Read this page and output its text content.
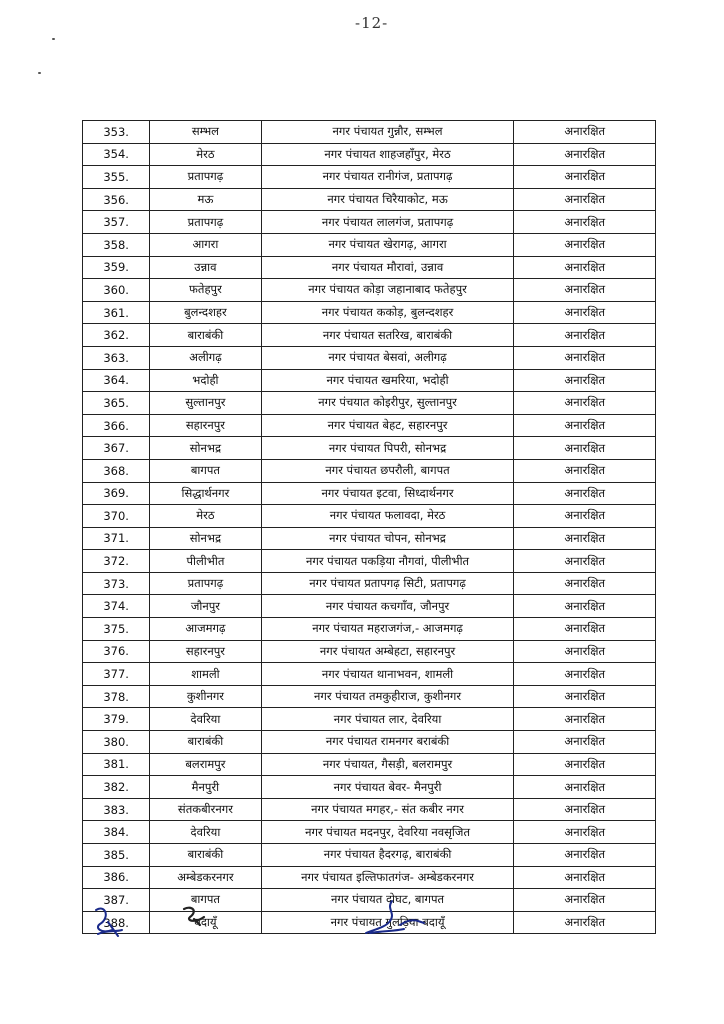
-12-
353.	सम्भल	नगर पंचायत गुन्नौर, सम्भल	अनारक्षित
354.	मेरठ	नगर पंचायत शाहजहाँपुर, मेरठ	अनारक्षित
355.	प्रतापगढ़	नगर पंचायत रानीगंज, प्रतापगढ़	अनारक्षित
356.	मऊ	नगर पंचायत चिरैयाकोट, मऊ	अनारक्षित
357.	प्रतापगढ़	नगर पंचायत लालगंज, प्रतापगढ़	अनारक्षित
358.	आगरा	नगर पंचायत खेरागढ़, आगरा	अनारक्षित
359.	उन्नाव	नगर पंचायत मौरावां, उन्नाव	अनारक्षित
360.	फतेहपुर	नगर पंचायत कोड़ा जहानाबाद फतेहपुर	अनारक्षित
361.	बुलन्दशहर	नगर पंचायत ककोड़, बुलन्दशहर	अनारक्षित
362.	बाराबंकी	नगर पंचायत सतरिख, बाराबंकी	अनारक्षित
363.	अलीगढ़	नगर पंचायत बेसवां, अलीगढ़	अनारक्षित
364.	भदोही	नगर पंचायत खमरिया, भदोही	अनारक्षित
365.	सुल्तानपुर	नगर पंचयात कोइरीपुर, सुल्तानपुर	अनारक्षित
366.	सहारनपुर	नगर पंचायत बेहट, सहारनपुर	अनारक्षित
367.	सोनभद्र	नगर पंचायत पिपरी, सोनभद्र	अनारक्षित
368.	बागपत	नगर पंचायत छपरौली, बागपत	अनारक्षित
369.	सिद्धार्थनगर	नगर पंचायत इटवा, सिध्दार्थनगर	अनारक्षित
370.	मेरठ	नगर पंचायत फलावदा, मेरठ	अनारक्षित
371.	सोनभद्र	नगर पंचायत चोपन, सोनभद्र	अनारक्षित
372.	पीलीभीत	नगर पंचायत पकड़िया नौगवां, पीलीभीत	अनारक्षित
373.	प्रतापगढ़	नगर पंचायत प्रतापगढ़ सिटी, प्रतापगढ़	अनारक्षित
374.	जौनपुर	नगर पंचायत कचगाँव, जौनपुर	अनारक्षित
375.	आजमगढ़	नगर पंचायत महराजगंज,- आजमगढ़	अनारक्षित
376.	सहारनपुर	नगर पंचायत अम्बेहटा, सहारनपुर	अनारक्षित
377.	शामली	नगर पंचायत थानाभवन, शामली	अनारक्षित
378.	कुशीनगर	नगर पंचायत तमकुहीराज, कुशीनगर	अनारक्षित
379.	देवरिया	नगर पंचायत लार, देवरिया	अनारक्षित
380.	बाराबंकी	नगर पंचायत रामनगर बराबंकी	अनारक्षित
381.	बलरामपुर	नगर पंचायत, गैसड़ी, बलरामपुर	अनारक्षित
382.	मैनपुरी	नगर पंचायत बेवर- मैनपुरी	अनारक्षित
383.	संतकबीरनगर	नगर पंचायत मगहर,- संत कबीर नगर	अनारक्षित
384.	देवरिया	नगर पंचायत मदनपुर, देवरिया नवसृजित	अनारक्षित
385.	बाराबंकी	नगर पंचायत हैदरगढ़, बाराबंकी	अनारक्षित
386.	अम्बेडकरनगर	नगर पंचायत इल्तिफातगंज- अम्बेडकरनगर	अनारक्षित
387.	बागपत	नगर पंचायत दोघट, बागपत	अनारक्षित
388.	बदायूँ	नगर पंचायत गुलड़िया बदायूँ	अनारक्षित
